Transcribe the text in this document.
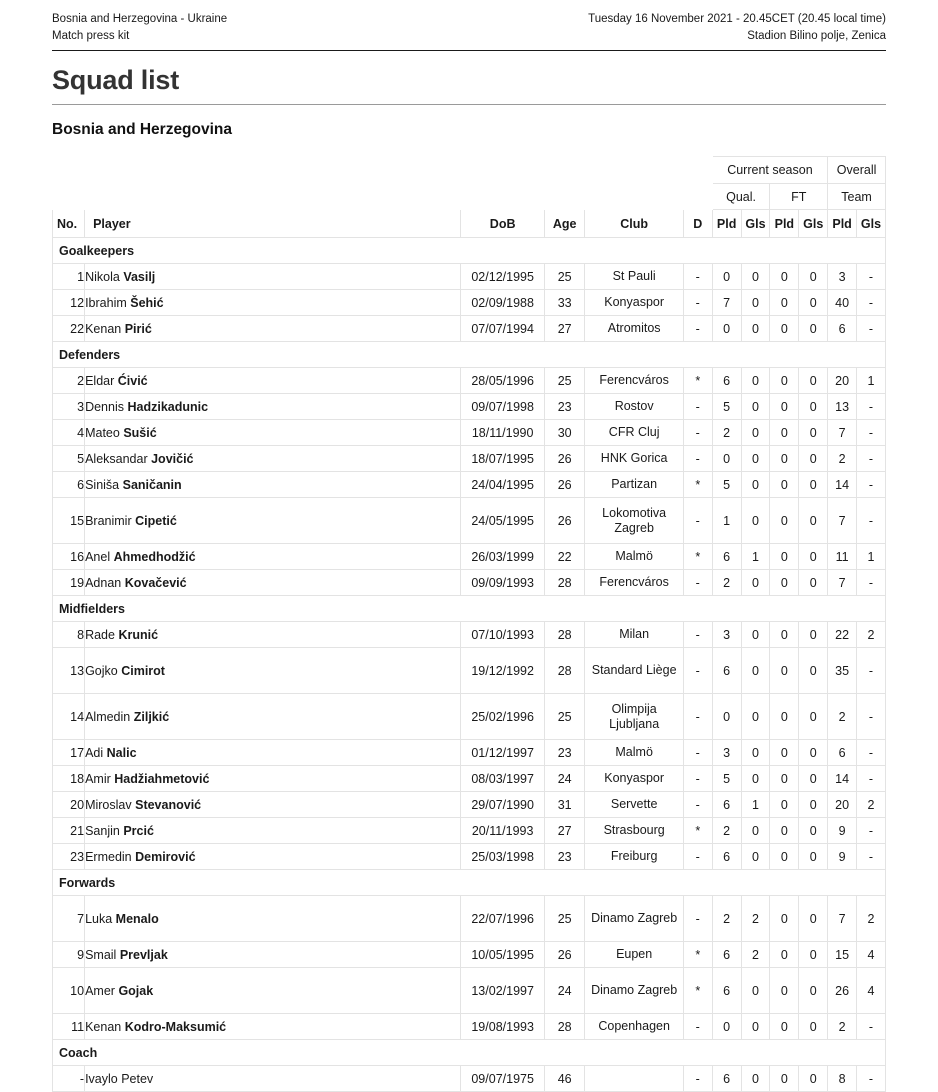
Bosnia and Herzegovina - Ukraine
Match press kit
Tuesday 16 November 2021 - 20.45CET (20.45 local time)
Stadion Bilino polje, Zenica
Squad list
Bosnia and Herzegovina
						Current season				Overall	
						Qual.		FT		Team	
No.	Player	DoB	Age	Club	D	Pld	Gls	Pld	Gls	Pld	Gls
Goalkeepers											
1	Nikola Vasilj	02/12/1995	25	St Pauli	-	0	0	0	0	3	-
12	Ibrahim Šehić	02/09/1988	33	Konyaspor	-	7	0	0	0	40	-
22	Kenan Pirić	07/07/1994	27	Atromitos	-	0	0	0	0	6	-
Defenders											
2	Eldar Ćivić	28/05/1996	25	Ferencváros	*	6	0	0	0	20	1
3	Dennis Hadzikadunic	09/07/1998	23	Rostov	-	5	0	0	0	13	-
4	Mateo Sušić	18/11/1990	30	CFR Cluj	-	2	0	0	0	7	-
5	Aleksandar Jovičić	18/07/1995	26	HNK Gorica	-	0	0	0	0	2	-
6	Siniša Saničanin	24/04/1995	26	Partizan	*	5	0	0	0	14	-
15	Branimir Cipetić	24/05/1995	26	Lokomotiva Zagreb	-	1	0	0	0	7	-
16	Anel Ahmedhodžić	26/03/1999	22	Malmö	*	6	1	0	0	11	1
19	Adnan Kovačević	09/09/1993	28	Ferencváros	-	2	0	0	0	7	-
Midfielders											
8	Rade Krunić	07/10/1993	28	Milan	-	3	0	0	0	22	2
13	Gojko Cimirot	19/12/1992	28	Standard Liège	-	6	0	0	0	35	-
14	Almedin Ziljkić	25/02/1996	25	Olimpija Ljubljana	-	0	0	0	0	2	-
17	Adi Nalic	01/12/1997	23	Malmö	-	3	0	0	0	6	-
18	Amir Hadžiahmetović	08/03/1997	24	Konyaspor	-	5	0	0	0	14	-
20	Miroslav Stevanović	29/07/1990	31	Servette	-	6	1	0	0	20	2
21	Sanjin Prcić	20/11/1993	27	Strasbourg	*	2	0	0	0	9	-
23	Ermedin Demirović	25/03/1998	23	Freiburg	-	6	0	0	0	9	-
Forwards											
7	Luka Menalo	22/07/1996	25	Dinamo Zagreb	-	2	2	0	0	7	2
9	Smail Prevljak	10/05/1995	26	Eupen	*	6	2	0	0	15	4
10	Amer Gojak	13/02/1997	24	Dinamo Zagreb	*	6	0	0	0	26	4
11	Kenan Kodro-Maksumić	19/08/1993	28	Copenhagen	-	0	0	0	0	2	-
Coach											
-	Ivaylo Petev	09/07/1975	46		-	6	0	0	0	8	-
